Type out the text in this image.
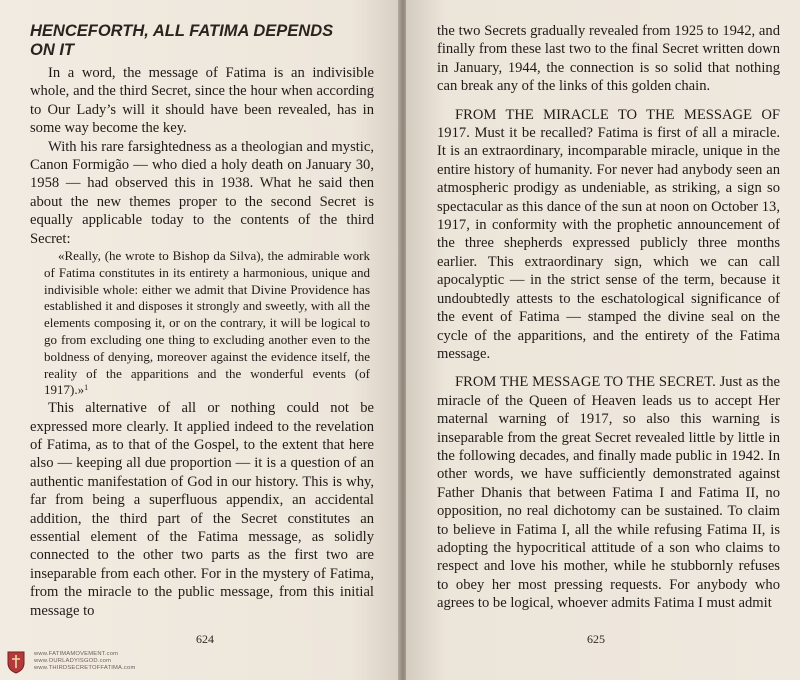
HENCEFORTH, ALL FATIMA DEPENDS
ON IT

In a word, the message of Fatima is an indivisible whole, and the third Secret, since the hour when according to Our Lady’s will it should have been revealed, has in some way become the key.

With his rare farsightedness as a theologian and mystic, Canon Formigão — who died a holy death on January 30, 1958 — had observed this in 1938. What he said then about the new themes proper to the second Secret is equally applicable today to the contents of the third Secret:

«Really, (he wrote to Bishop da Silva), the admirable work of Fatima constitutes in its entirety a harmonious, unique and indivisible whole: either we admit that Divine Providence has established it and disposes it strongly and sweetly, with all the elements composing it, or on the contrary, it will be logical to go from excluding one thing to excluding another even to the boldness of denying, moreover against the evidence itself, the reality of the apparitions and the wonderful events (of 1917).»$^1$

This alternative of all or nothing could not be expressed more clearly. It applied indeed to the revelation of Fatima, as to that of the Gospel, to the extent that here also — keeping all due proportion — it is a question of an authentic manifestation of God in our history. This is why, far from being a superfluous appendix, an accidental addition, the third part of the Secret constitutes an essential element of the Fatima message, as solidly connected to the other two parts as the first two are inseparable from each other. For in the mystery of Fatima, from the miracle to the public message, from this initial message to

624
www.FATIMAMOVEMENT.com
www.OURLADYISGOD.com
www.THIRDSECRETOFFATIMA.com

the two Secrets gradually revealed from 1925 to 1942, and finally from these last two to the final Secret written down in January, 1944, the connection is so solid that nothing can break any of the links of this golden chain.

FROM THE MIRACLE TO THE MESSAGE OF 1917. Must it be recalled? Fatima is first of all a miracle. It is an extraordinary, incomparable miracle, unique in the entire history of humanity. For never had anybody seen an atmospheric prodigy as undeniable, as striking, a sign so spectacular as this dance of the sun at noon on October 13, 1917, in conformity with the prophetic announcement of the three shepherds expressed publicly three months earlier. This extraordinary sign, which we can call apocalyptic — in the strict sense of the term, because it undoubtedly attests to the eschatological significance of the event of Fatima — stamped the divine seal on the cycle of the apparitions, and the entirety of the Fatima message.

FROM THE MESSAGE TO THE SECRET. Just as the miracle of the Queen of Heaven leads us to accept Her maternal warning of 1917, so also this warning is inseparable from the great Secret revealed little by little in the following decades, and finally made public in 1942. In other words, we have sufficiently demonstrated against Father Dhanis that between Fatima I and Fatima II, no opposition, no real dichotomy can be sustained. To claim to believe in Fatima I, all the while refusing Fatima II, is adopting the hypocritical attitude of a son who claims to respect and love his mother, while he stubbornly refuses to obey her most pressing requests. For anybody who agrees to be logical, whoever admits Fatima I must admit

625
